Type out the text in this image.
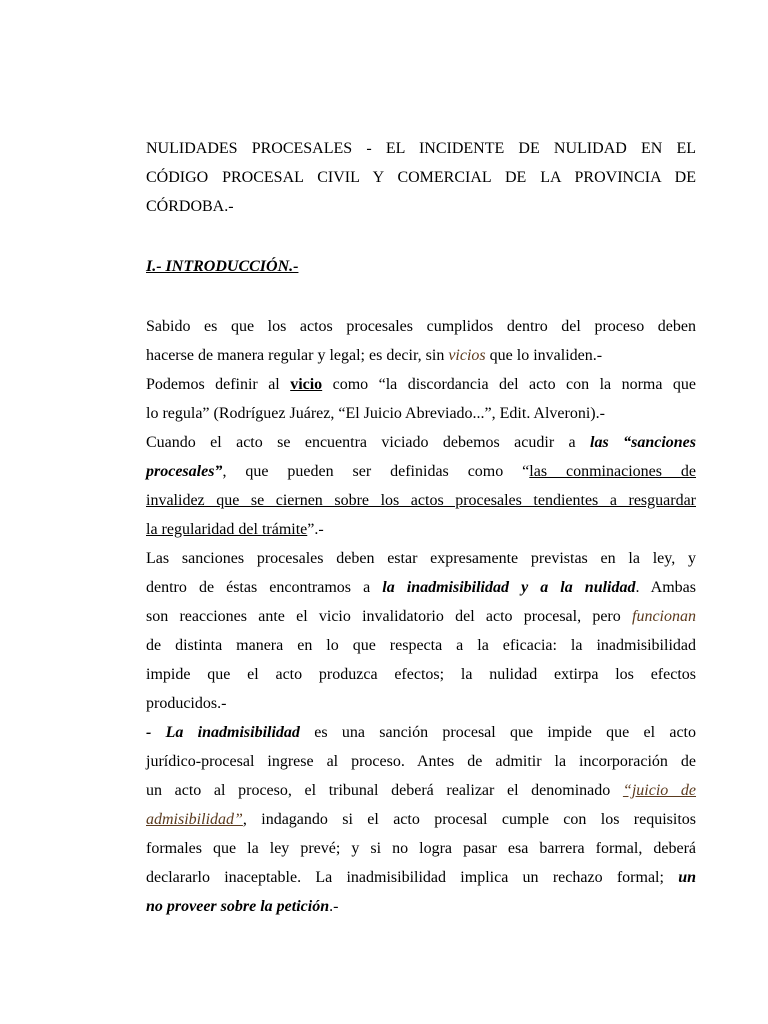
NULIDADES PROCESALES - EL INCIDENTE DE NULIDAD EN EL
CÓDIGO PROCESAL CIVIL Y COMERCIAL DE LA PROVINCIA DE
CÓRDOBA.-
I.- INTRODUCCIÓN.-
Sabido es que los actos procesales cumplidos dentro del proceso deben
hacerse de manera regular y legal; es decir, sin vicios que lo invaliden.-
Podemos definir al vicio como “la discordancia del acto con la norma que
lo regula” (Rodríguez Juárez, “El Juicio Abreviado...”, Edit. Alveroni).-
Cuando el acto se encuentra viciado debemos acudir a las “sanciones
procesales”, que pueden ser definidas como “las conminaciones de
invalidez que se ciernen sobre los actos procesales tendientes a resguardar
la regularidad del trámite”.-
Las sanciones procesales deben estar expresamente previstas en la ley, y
dentro de éstas encontramos a la inadmisibilidad y a la nulidad. Ambas
son reacciones ante el vicio invalidatorio del acto procesal, pero funcionan
de distinta manera en lo que respecta a la eficacia: la inadmisibilidad
impide que el acto produzca efectos; la nulidad extirpa los efectos
producidos.-
- La inadmisibilidad es una sanción procesal que impide que el acto
jurídico-procesal ingrese al proceso. Antes de admitir la incorporación de
un acto al proceso, el tribunal deberá realizar el denominado “juicio de
admisibilidad”, indagando si el acto procesal cumple con los requisitos
formales que la ley prevé; y si no logra pasar esa barrera formal, deberá
declararlo inaceptable. La inadmisibilidad implica un rechazo formal; un
no proveer sobre la petición.-
